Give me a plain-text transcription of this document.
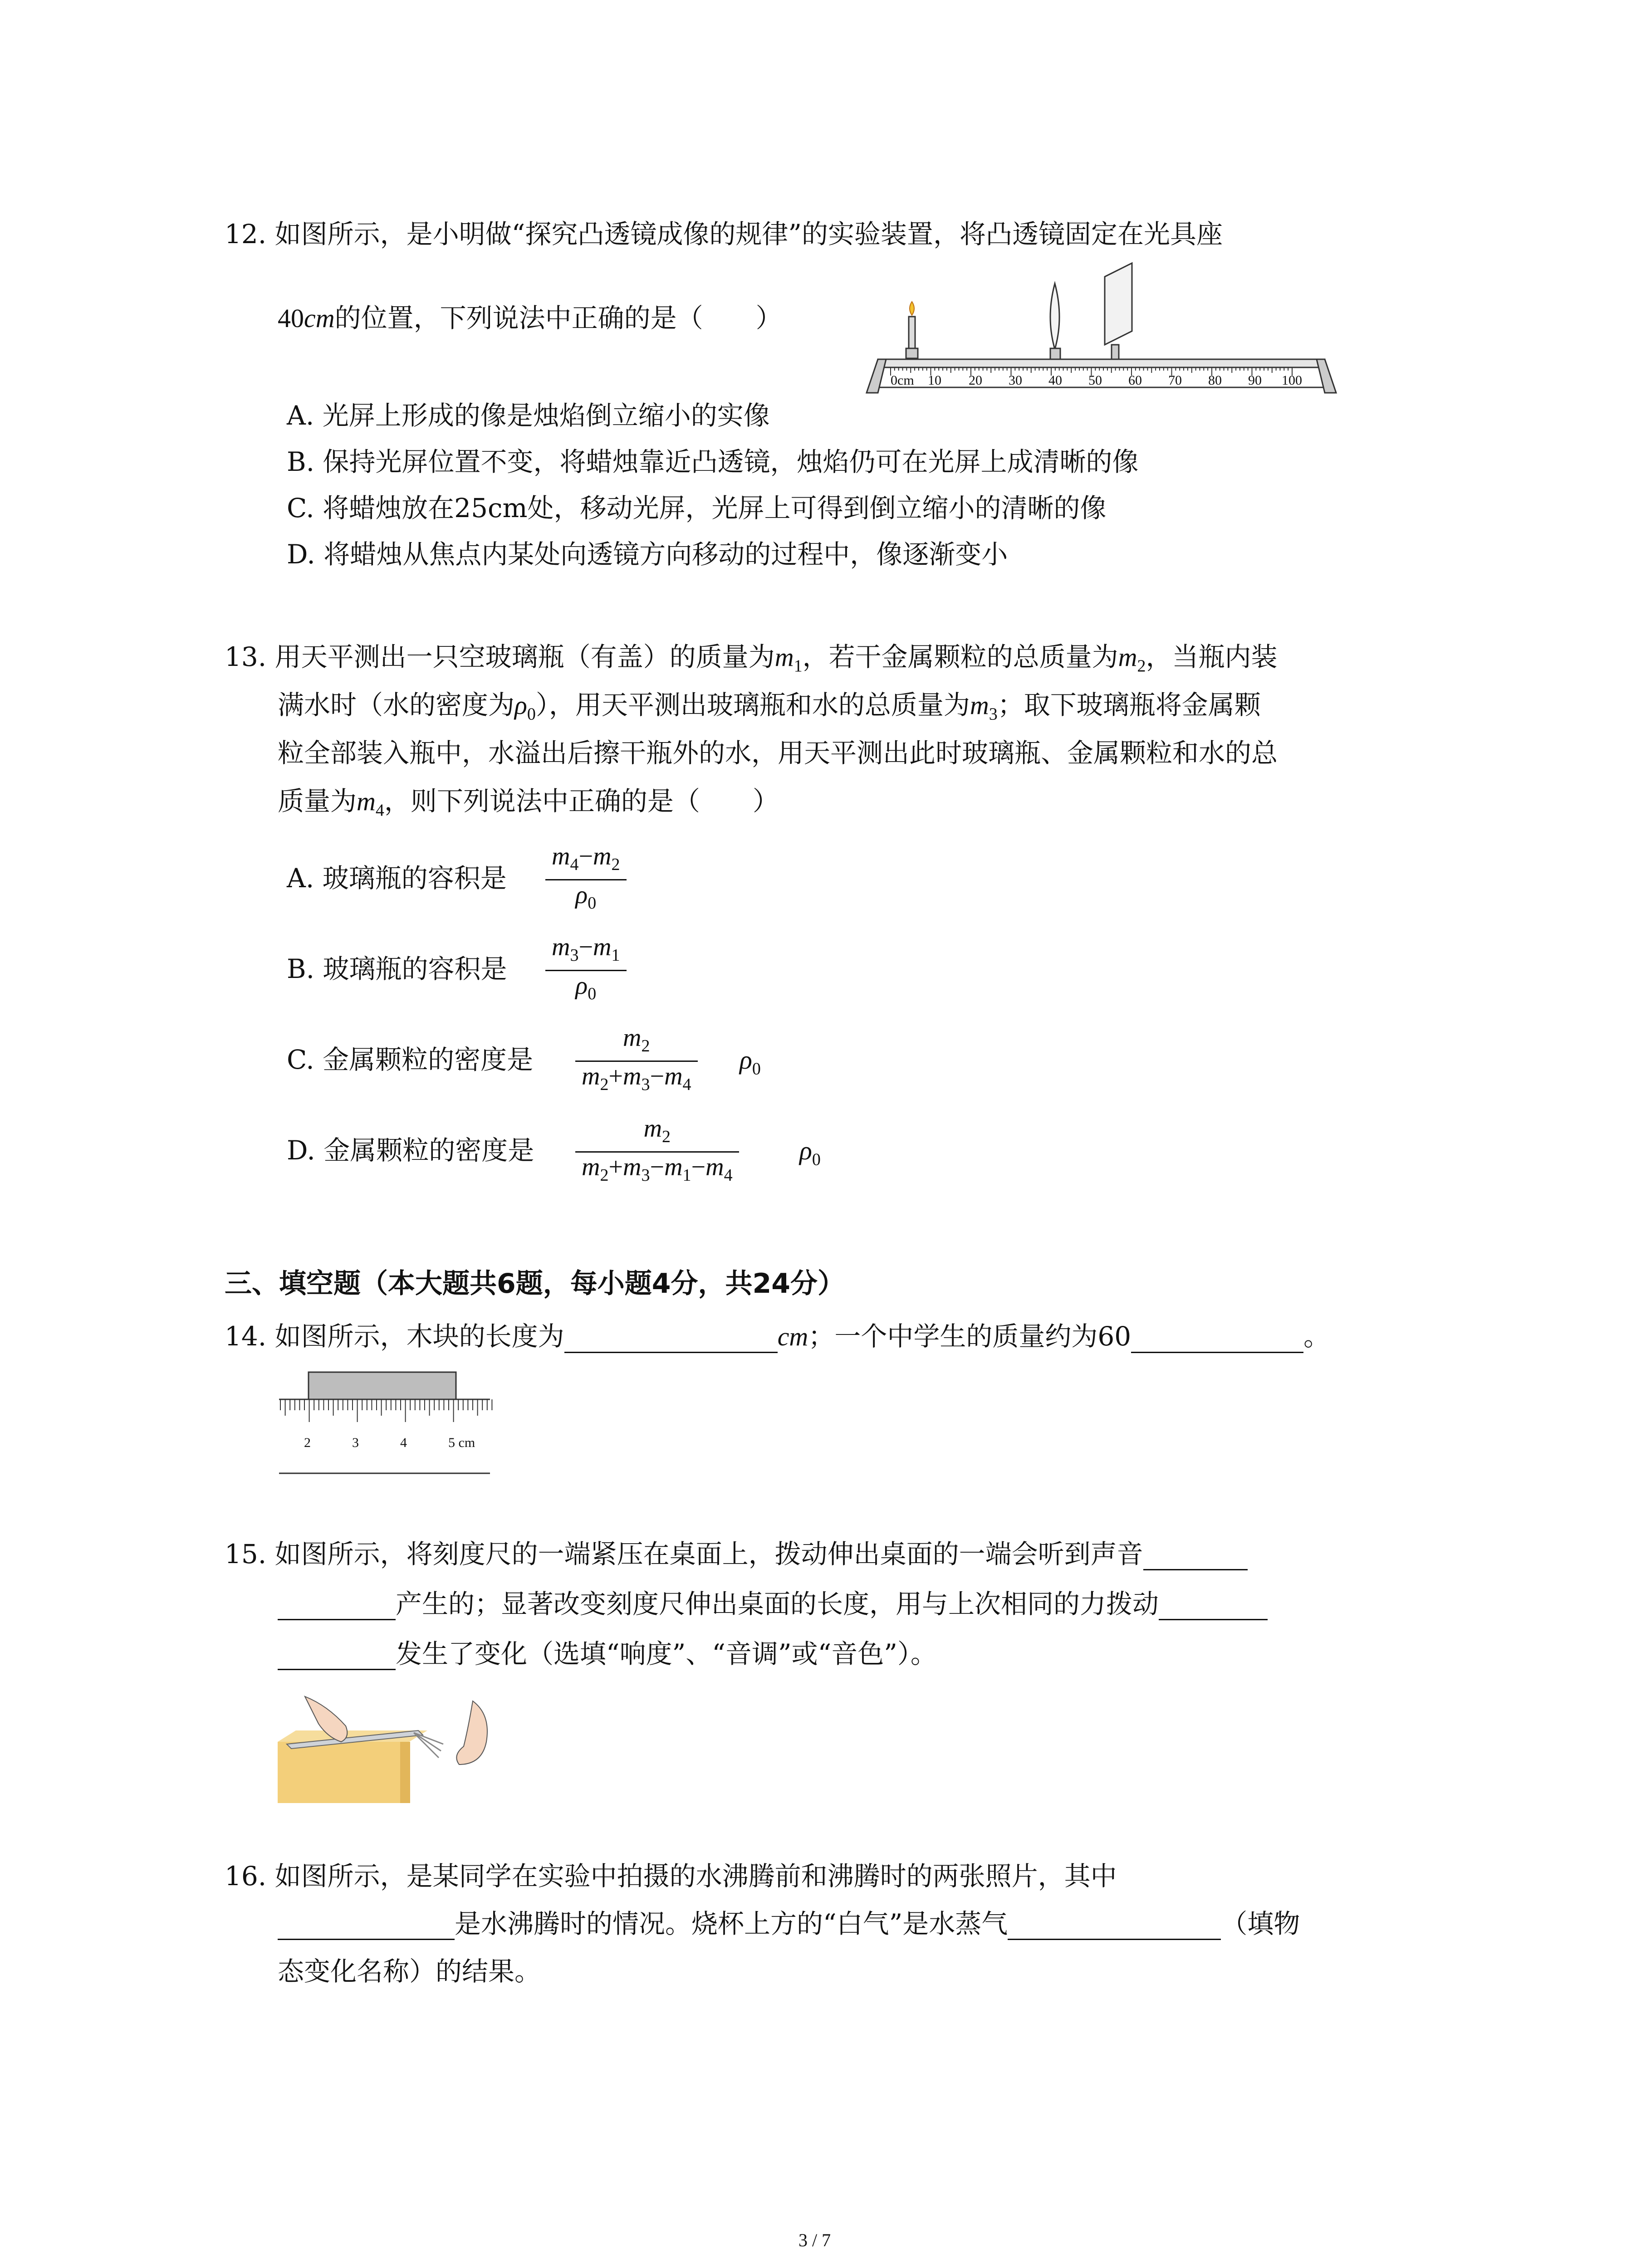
12. 如图所示，是小明做“探究凸透镜成像的规律”的实验装置，将凸透镜固定在光具座
40cm的位置，下列说法中正确的是（　　）
0cm 10 20 30 40 50 60 70 80 90 100
A. 光屏上形成的像是烛焰倒立缩小的实像
B. 保持光屏位置不变，将蜡烛靠近凸透镜，烛焰仍可在光屏上成清晰的像
C. 将蜡烛放在25cm处，移动光屏，光屏上可得到倒立缩小的清晰的像
D. 将蜡烛从焦点内某处向透镜方向移动的过程中，像逐渐变小
13. 用天平测出一只空玻璃瓶（有盖）的质量为$m_1$，若干金属颗粒的总质量为$m_2$，当瓶内装
满水时（水的密度为$\rho_0$），用天平测出玻璃瓶和水的总质量为$m_3$；取下玻璃瓶将金属颗
粒全部装入瓶中，水溢出后擦干瓶外的水，用天平测出此时玻璃瓶、金属颗粒和水的总
质量为$m_4$，则下列说法中正确的是（　　）
A. 玻璃瓶的容积是 $\frac{m_4-m_2}{\rho_0}$
B. 玻璃瓶的容积是 $\frac{m_3-m_1}{\rho_0}$
C. 金属颗粒的密度是 $\frac{m_2}{m_2+m_3-m_4} \rho_0$
D. 金属颗粒的密度是 $\frac{m_2}{m_2+m_3-m_1-m_4} \rho_0$
三、填空题（本大题共6题，每小题4分，共24分）
14. 如图所示，木块的长度为	cm；一个中学生的质量约为60	。
2	3	4	5 cm
15. 如图所示，将刻度尺的一端紧压在桌面上，拨动伸出桌面的一端会听到声音
产生的；显著改变刻度尺伸出桌面的长度，用与上次相同的力拨动
发生了变化（选填“响度”、“音调”或“音色”）。
16. 如图所示，是某同学在实验中拍摄的水沸腾前和沸腾时的两张照片，其中
是水沸腾时的情况。烧杯上方的“白气”是水蒸气	（填物
态变化名称）的结果。
3 / 7
